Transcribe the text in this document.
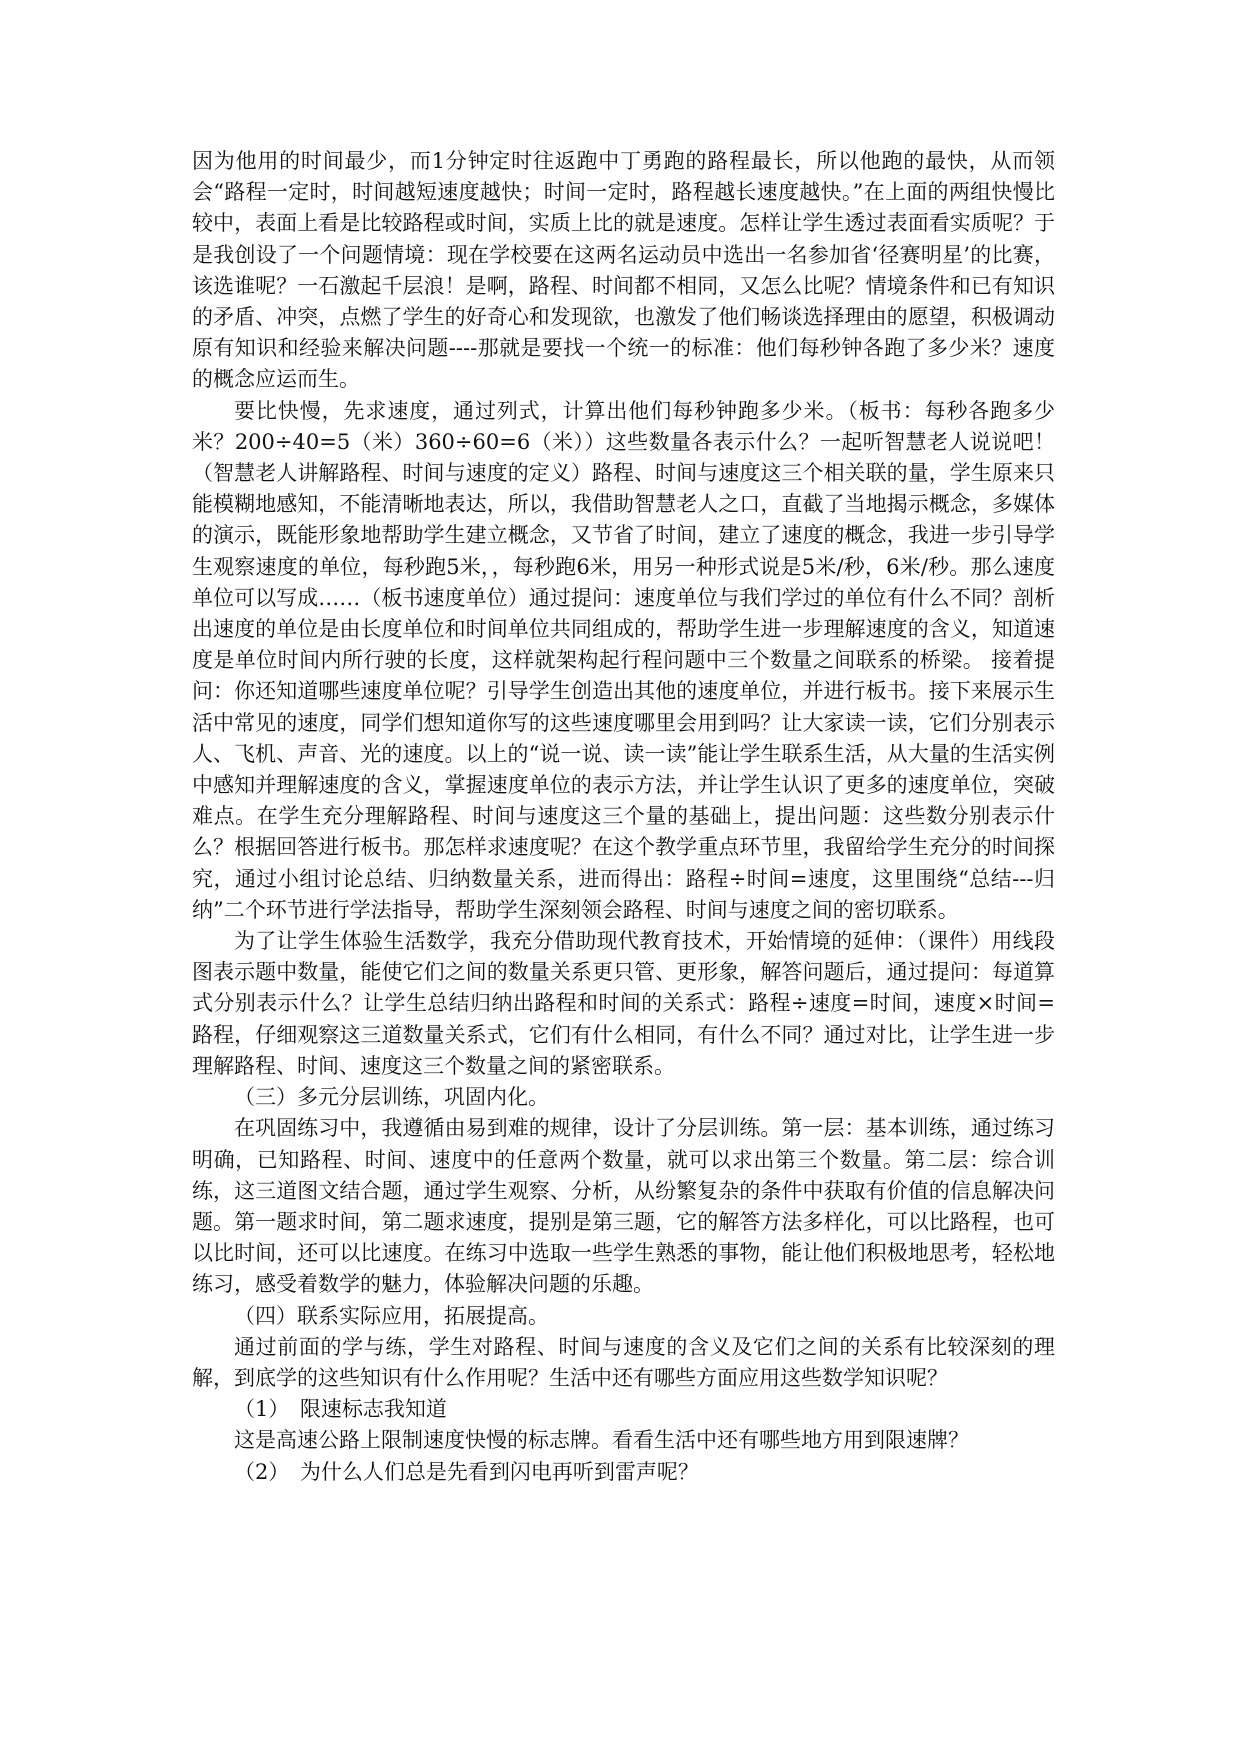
因为他用的时间最少，而1分钟定时往返跑中丁勇跑的路程最长，所以他跑的最快，从而领会“路程一定时，时间越短速度越快；时间一定时，路程越长速度越快。”在上面的两组快慢比较中，表面上看是比较路程或时间，实质上比的就是速度。怎样让学生透过表面看实质呢？于是我创设了一个问题情境：现在学校要在这两名运动员中选出一名参加省‘径赛明星’的比赛，该选谁呢？一石激起千层浪！是啊，路程、时间都不相同，又怎么比呢？情境条件和已有知识的矛盾、冲突，点燃了学生的好奇心和发现欲，也激发了他们畅谈选择理由的愿望，积极调动原有知识和经验来解决问题----那就是要找一个统一的标准：他们每秒钟各跑了多少米？速度的概念应运而生。

要比快慢，先求速度，通过列式，计算出他们每秒钟跑多少米。（板书：每秒各跑多少米？200÷40=5（米）360÷60=6（米））这些数量各表示什么？一起听智慧老人说说吧！（智慧老人讲解路程、时间与速度的定义）路程、时间与速度这三个相关联的量，学生原来只能模糊地感知，不能清晰地表达，所以，我借助智慧老人之口，直截了当地揭示概念，多媒体的演示，既能形象地帮助学生建立概念，又节省了时间，建立了速度的概念，我进一步引导学生观察速度的单位，每秒跑5米，，每秒跑6米，用另一种形式说是5米/秒，6米/秒。那么速度单位可以写成……（板书速度单位）通过提问：速度单位与我们学过的单位有什么不同？剖析出速度的单位是由长度单位和时间单位共同组成的，帮助学生进一步理解速度的含义，知道速度是单位时间内所行驶的长度，这样就架构起行程问题中三个数量之间联系的桥梁。 接着提问：你还知道哪些速度单位呢？引导学生创造出其他的速度单位，并进行板书。接下来展示生活中常见的速度，同学们想知道你写的这些速度哪里会用到吗？让大家读一读，它们分别表示人、飞机、声音、光的速度。以上的“说一说、读一读”能让学生联系生活，从大量的生活实例中感知并理解速度的含义，掌握速度单位的表示方法，并让学生认识了更多的速度单位，突破难点。在学生充分理解路程、时间与速度这三个量的基础上，提出问题：这些数分别表示什么？根据回答进行板书。那怎样求速度呢？在这个教学重点环节里，我留给学生充分的时间探究，通过小组讨论总结、归纳数量关系，进而得出：路程÷时间=速度，这里围绕“总结---归纳”二个环节进行学法指导，帮助学生深刻领会路程、时间与速度之间的密切联系。

为了让学生体验生活数学，我充分借助现代教育技术，开始情境的延伸：（课件）用线段图表示题中数量，能使它们之间的数量关系更只管、更形象，解答问题后，通过提问：每道算式分别表示什么？让学生总结归纳出路程和时间的关系式：路程÷速度=时间，速度×时间=路程，仔细观察这三道数量关系式，它们有什么相同，有什么不同？通过对比，让学生进一步理解路程、时间、速度这三个数量之间的紧密联系。

（三）多元分层训练，巩固内化。

在巩固练习中，我遵循由易到难的规律，设计了分层训练。第一层：基本训练，通过练习明确，已知路程、时间、速度中的任意两个数量，就可以求出第三个数量。第二层：综合训练，这三道图文结合题，通过学生观察、分析，从纷繁复杂的条件中获取有价值的信息解决问题。第一题求时间，第二题求速度，提别是第三题，它的解答方法多样化，可以比路程，也可以比时间，还可以比速度。在练习中选取一些学生熟悉的事物，能让他们积极地思考，轻松地练习，感受着数学的魅力，体验解决问题的乐趣。

（四）联系实际应用，拓展提高。

通过前面的学与练，学生对路程、时间与速度的含义及它们之间的关系有比较深刻的理解，到底学的这些知识有什么作用呢？生活中还有哪些方面应用这些数学知识呢？

（1）　限速标志我知道

这是高速公路上限制速度快慢的标志牌。看看生活中还有哪些地方用到限速牌？

（2）　为什么人们总是先看到闪电再听到雷声呢？
